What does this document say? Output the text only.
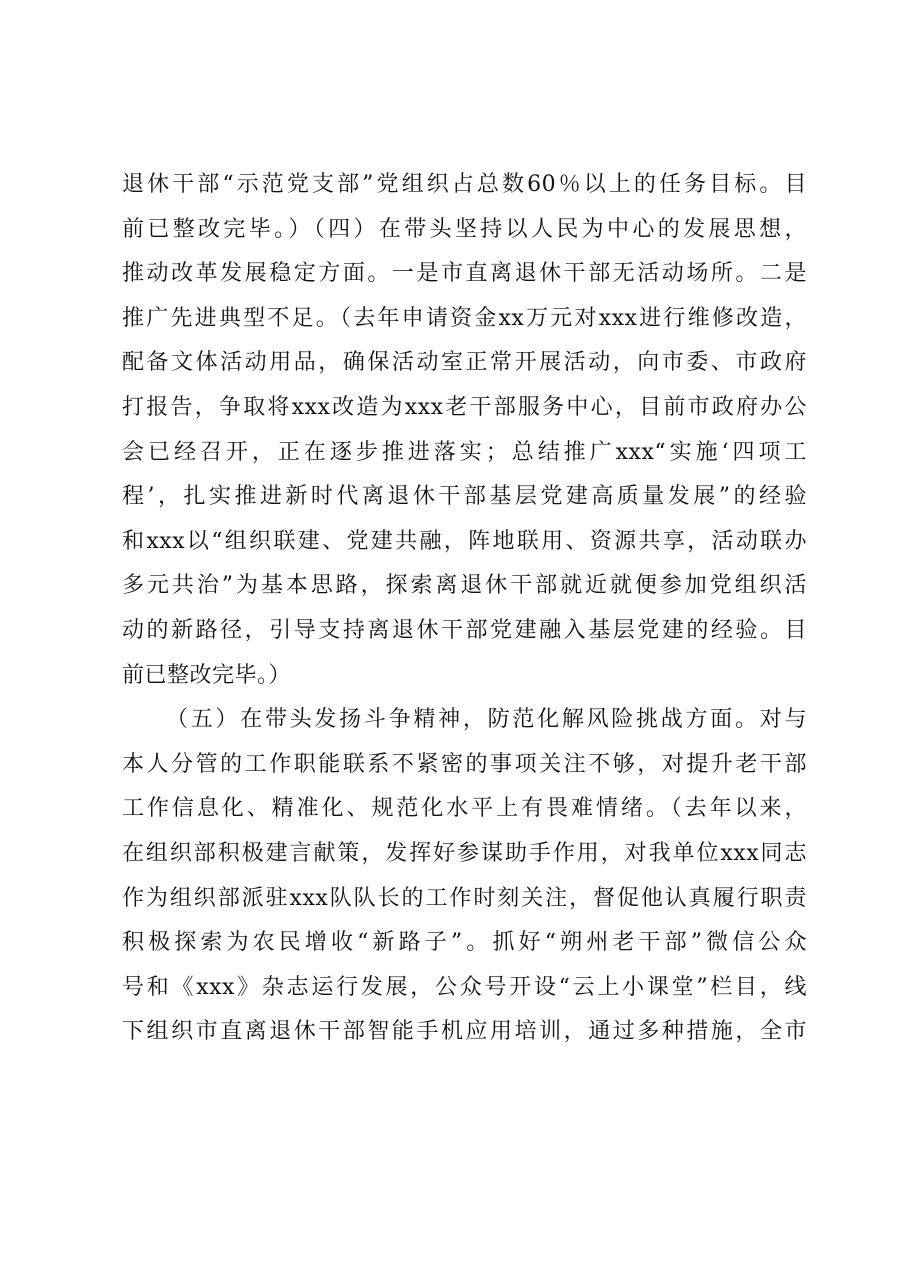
退休干部“示范党支部”党组织占总数60％以上的任务目标。目
前已整改完毕。）（四）在带头坚持以人民为中心的发展思想，
推动改革发展稳定方面。一是市直离退休干部无活动场所。二是
推广先进典型不足。（去年申请资金xx万元对xxx进行维修改造，
配备文体活动用品，确保活动室正常开展活动，向市委、市政府
打报告，争取将xxx改造为xxx老干部服务中心，目前市政府办公
会已经召开，正在逐步推进落实；总结推广xxx“实施‘四项工
程’，扎实推进新时代离退休干部基层党建高质量发展”的经验
和xxx以“组织联建、党建共融，阵地联用、资源共享，活动联办
多元共治”为基本思路，探索离退休干部就近就便参加党组织活
动的新路径，引导支持离退休干部党建融入基层党建的经验。目
前已整改完毕。）
（五）在带头发扬斗争精神，防范化解风险挑战方面。对与
本人分管的工作职能联系不紧密的事项关注不够，对提升老干部
工作信息化、精准化、规范化水平上有畏难情绪。（去年以来，
在组织部积极建言献策，发挥好参谋助手作用，对我单位xxx同志
作为组织部派驻xxx队队长的工作时刻关注，督促他认真履行职责
积极探索为农民增收“新路子”。抓好“朔州老干部”微信公众
号和《xxx》杂志运行发展，公众号开设“云上小课堂”栏目，线
下组织市直离退休干部智能手机应用培训，通过多种措施，全市
